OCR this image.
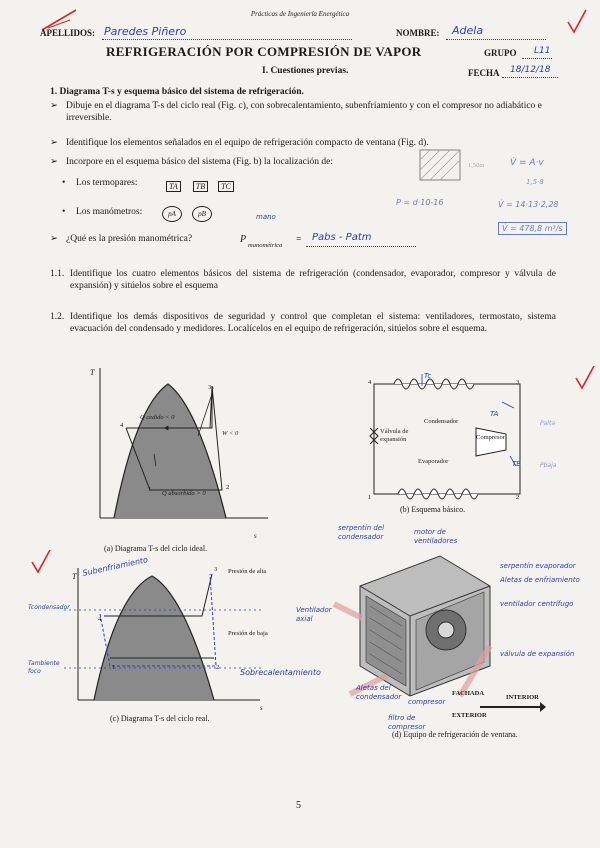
Prácticas de Ingeniería Energética
APELLIDOS: Paredes Piñero	NOMBRE: Adela
REFRIGERACIÓN POR COMPRESIÓN DE VAPOR	GRUPO L11
I. Cuestiones previas.	FECHA 18/12/18
1. Diagrama T-s y esquema básico del sistema de refrigeración.
➢ Dibuje en el diagrama T-s del ciclo real (Fig. c), con sobrecalentamiento, subenfriamiento y con el compresor no adiabático e irreversible.
➢ Identifique los elementos señalados en el equipo de refrigeración compacto de ventana (Fig. d).
➢ Incorpore en el esquema básico del sistema (Fig. b) la localización de:
• Los termopares:	TA TB TC
• Los manómetros:	pA	pB
➢ ¿Qué es la presión manométrica?	P
manométrica
=
mano
Pabs - Patm
1,50m	V̇ = A·v
1,5·8
P = d·10-16	V̇ = 14·13·2,28
V̇ = 478,8 m³/s
1.1. Identifique los cuatro elementos básicos del sistema de refrigeración (condensador, evaporador, compresor y válvula de expansión) y sitúelos sobre el esquema
1.2. Identifique los demás dispositivos de seguridad y control que completan el sistema: ventiladores, termostato, sistema evacuación del condensado y medidores. Localícelos en el equipo de refrigeración, sitúelos sobre el esquema.
T
s
3s
4
1	2
Q cedido < 0
W < 0
Q absorbido > 0
(a) Diagrama T-s del ciclo ideal.
4	3
1	2
Condensador
Evaporador
Válvula de expansión	Compresor
Tc
TA
TB
Palta
Pbaja
(b) Esquema básico.
T
s
Presión de alta
Presión de baja
4
1	2
3
Subenfriamiento
Sobrecalentamiento
Tcondensador
Tambiente foco
(c) Diagrama T-s del ciclo real.
serpentín del condensador
motor de ventiladores
serpentín evaporador
Aletas de enfriamiento
ventilador centrífugo
Ventilador axial
válvula de expansión
Aletas del condensador
compresor
filtro de compresor
FACHADA
INTERIOR
EXTERIOR
(d) Equipo de refrigeración de ventana.
5
